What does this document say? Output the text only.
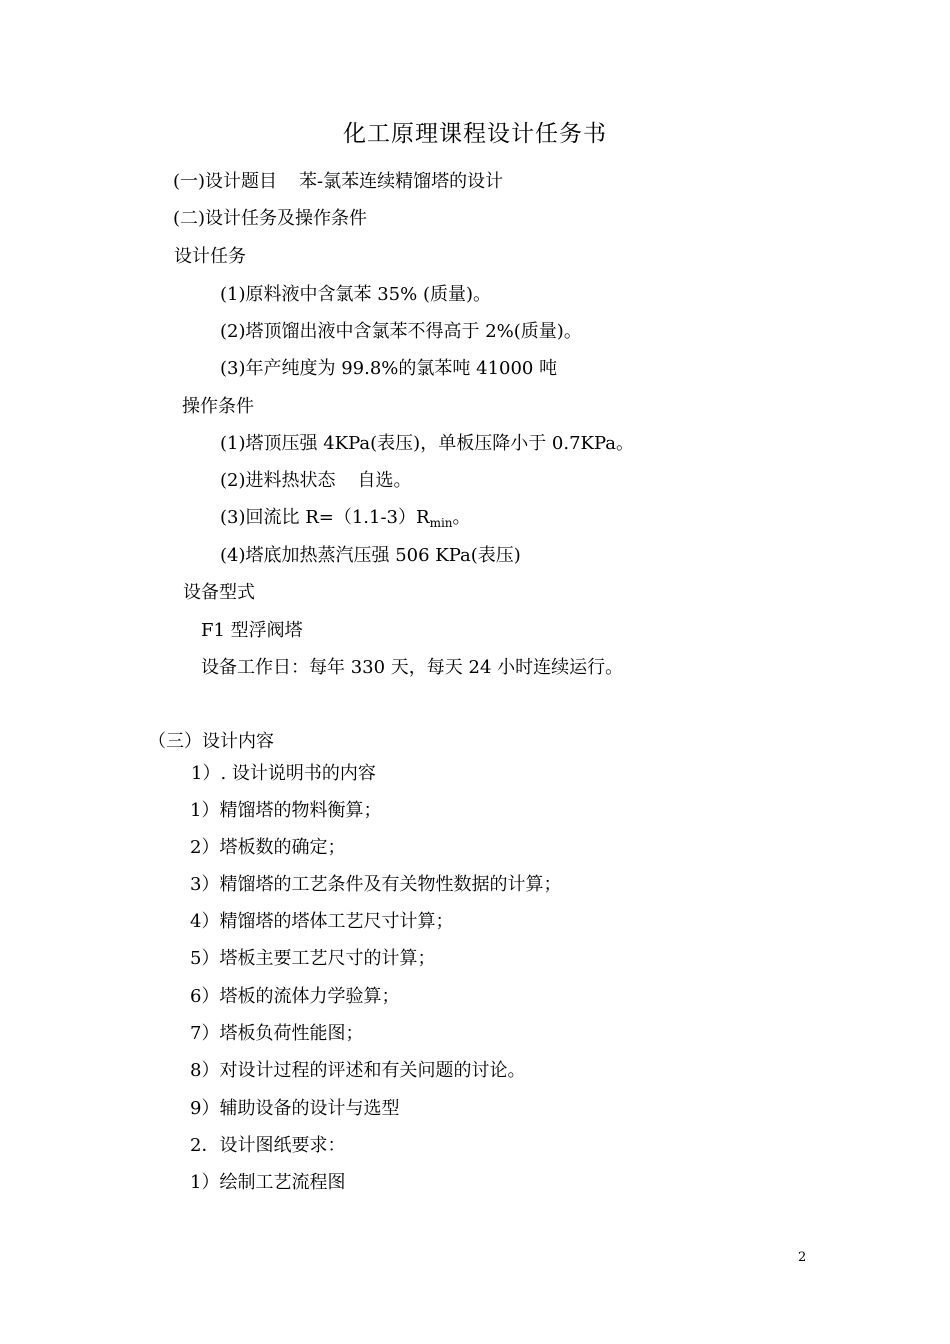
化工原理课程设计任务书

(一)设计题目 苯-氯苯连续精馏塔的设计

(二)设计任务及操作条件

设计任务

(1)原料液中含氯苯 35% (质量)。

(2)塔顶馏出液中含氯苯不得高于 2%(质量)。

(3)年产纯度为 99.8%的氯苯吨 41000 吨

操作条件

(1)塔顶压强 4KPa(表压)，单板压降小于 0.7KPa。

(2)进料热状态 自选。

(3)回流比 $R=(1.1-3)R_{min}$。

(4)塔底加热蒸汽压强 506 KPa(表压)

设备型式

F1 型浮阀塔

设备工作日：每年 330 天，每天 24 小时连续运行。

（三）设计内容

1）. 设计说明书的内容

1）精馏塔的物料衡算；

2）塔板数的确定；

3）精馏塔的工艺条件及有关物性数据的计算；

4）精馏塔的塔体工艺尺寸计算；

5）塔板主要工艺尺寸的计算；

6）塔板的流体力学验算；

7）塔板负荷性能图；

8）对设计过程的评述和有关问题的讨论。

9）辅助设备的设计与选型

2．设计图纸要求：

1）绘制工艺流程图

2
